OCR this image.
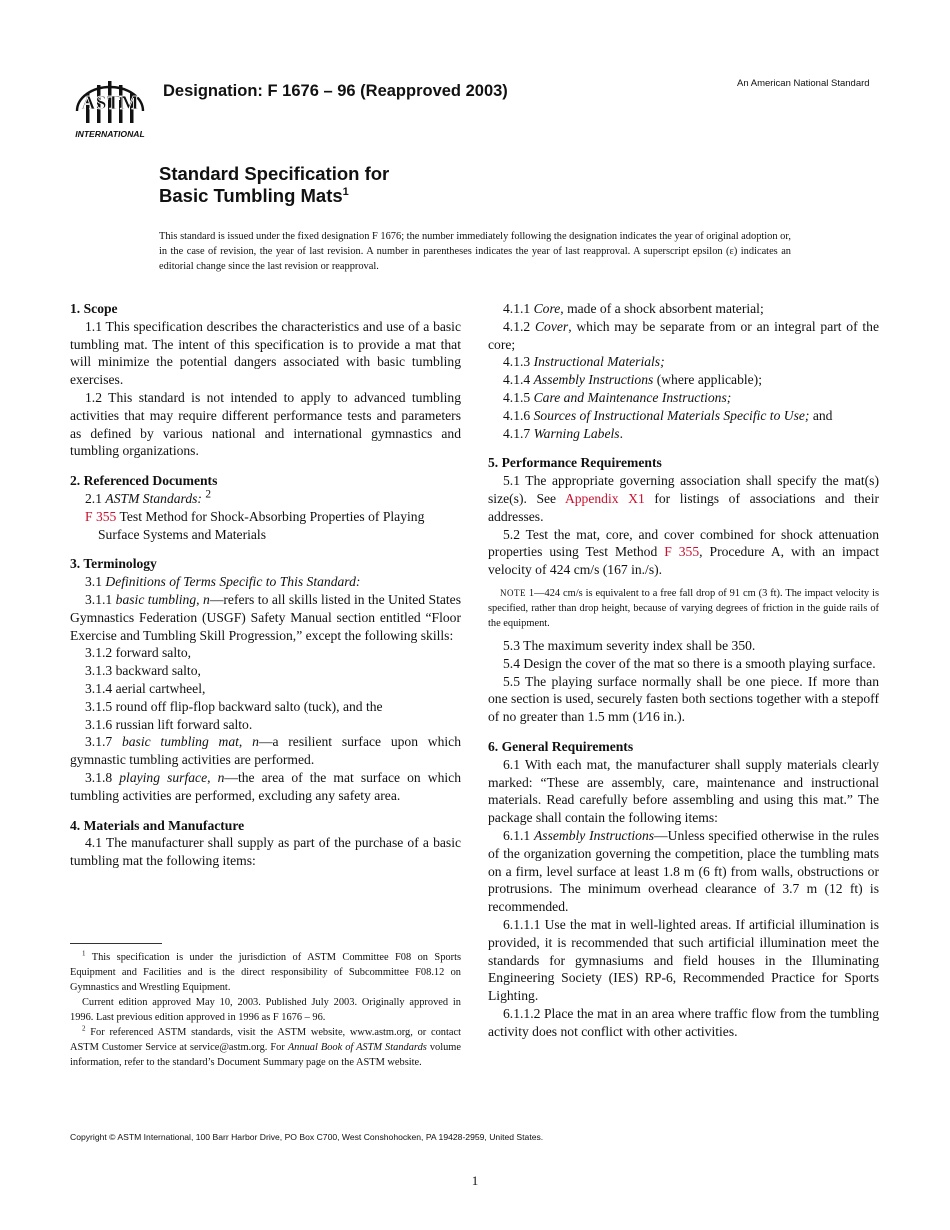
ASTM
INTERNATIONAL
Designation: F 1676 – 96 (Reapproved 2003)	An American National Standard
Standard Specification for
Basic Tumbling Mats$^1$
This standard is issued under the fixed designation F 1676; the number immediately following the designation indicates the year of original adoption or, in the case of revision, the year of last revision. A number in parentheses indicates the year of last reapproval. A superscript epsilon (ε) indicates an editorial change since the last revision or reapproval.

1. Scope

1.1 This specification describes the characteristics and use of a basic tumbling mat. The intent of this specification is to provide a mat that will minimize the potential dangers associated with basic tumbling exercises.

1.2 This standard is not intended to apply to advanced tumbling activities that may require different performance tests and parameters as defined by various national and international gymnastics and tumbling organizations.

2. Referenced Documents

2.1 ASTM Standards: $^2$

F 355 Test Method for Shock-Absorbing Properties of Playing Surface Systems and Materials

3. Terminology

3.1 Definitions of Terms Specific to This Standard:

3.1.1 basic tumbling, n—refers to all skills listed in the United States Gymnastics Federation (USGF) Safety Manual section entitled “Floor Exercise and Tumbling Skill Progression,” except the following skills:

3.1.2 forward salto,

3.1.3 backward salto,

3.1.4 aerial cartwheel,

3.1.5 round off flip-flop backward salto (tuck), and the

3.1.6 russian lift forward salto.

3.1.7 basic tumbling mat, n—a resilient surface upon which gymnastic tumbling activities are performed.

3.1.8 playing surface, n—the area of the mat surface on which tumbling activities are performed, excluding any safety area.

4. Materials and Manufacture

4.1 The manufacturer shall supply as part of the purchase of a basic tumbling mat the following items:

$^1$ This specification is under the jurisdiction of ASTM Committee F08 on Sports Equipment and Facilities and is the direct responsibility of Subcommittee F08.12 on Gymnastics and Wrestling Equipment.

Current edition approved May 10, 2003. Published July 2003. Originally approved in 1996. Last previous edition approved in 1996 as F 1676 – 96.

$^2$ For referenced ASTM standards, visit the ASTM website, www.astm.org, or contact ASTM Customer Service at service@astm.org. For Annual Book of ASTM Standards volume information, refer to the standard’s Document Summary page on the ASTM website.

4.1.1 Core, made of a shock absorbent material;

4.1.2 Cover, which may be separate from or an integral part of the core;

4.1.3 Instructional Materials;

4.1.4 Assembly Instructions (where applicable);

4.1.5 Care and Maintenance Instructions;

4.1.6 Sources of Instructional Materials Specific to Use; and

4.1.7 Warning Labels.

5. Performance Requirements

5.1 The appropriate governing association shall specify the mat(s) size(s). See Appendix X1 for listings of associations and their addresses.

5.2 Test the mat, core, and cover combined for shock attenuation properties using Test Method F 355, Procedure A, with an impact velocity of 424 cm/s (167 in./s).

NOTE 1—424 cm/s is equivalent to a free fall drop of 91 cm (3 ft). The impact velocity is specified, rather than drop height, because of varying degrees of friction in the guide rails of the equipment.

5.3 The maximum severity index shall be 350.

5.4 Design the cover of the mat so there is a smooth playing surface.

5.5 The playing surface normally shall be one piece. If more than one section is used, securely fasten both sections together with a stepoff of no greater than 1.5 mm (1⁄16 in.).

6. General Requirements

6.1 With each mat, the manufacturer shall supply materials clearly marked: “These are assembly, care, maintenance and instructional materials. Read carefully before assembling and using this mat.” The package shall contain the following items:

6.1.1 Assembly Instructions—Unless specified otherwise in the rules of the organization governing the competition, place the tumbling mats on a firm, level surface at least 1.8 m (6 ft) from walls, obstructions or protrusions. The minimum overhead clearance of 3.7 m (12 ft) is recommended.

6.1.1.1 Use the mat in well-lighted areas. If artificial illumination is provided, it is recommended that such artificial illumination meet the standards for gymnasiums and field houses in the Illuminating Engineering Society (IES) RP-6, Recommended Practice for Sports Lighting.

6.1.1.2 Place the mat in an area where traffic flow from the tumbling activity does not conflict with other activities.

Copyright © ASTM International, 100 Barr Harbor Drive, PO Box C700, West Conshohocken, PA 19428-2959, United States.
1
